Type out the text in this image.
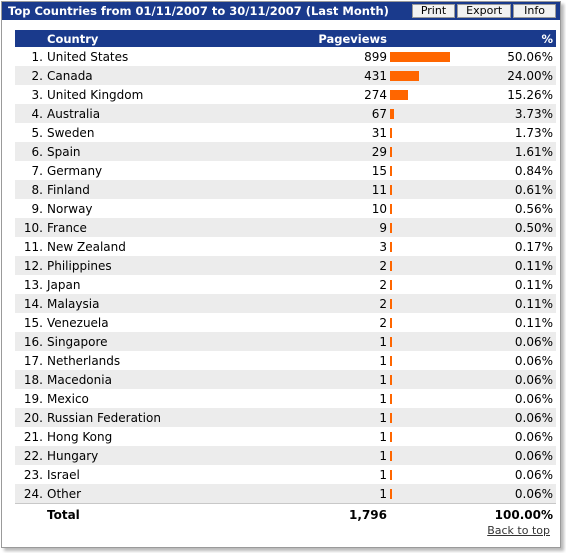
Top Countries from 01/11/2007 to 30/11/2007 (Last Month)	Print	Export	Info
	Country	Pageviews		%
1.	United States	899		50.06%
2.	Canada	431		24.00%
3.	United Kingdom	274		15.26%
4.	Australia	67		3.73%
5.	Sweden	31		1.73%
6.	Spain	29		1.61%
7.	Germany	15		0.84%
8.	Finland	11		0.61%
9.	Norway	10		0.56%
10.	France	9		0.50%
11.	New Zealand	3		0.17%
12.	Philippines	2		0.11%
13.	Japan	2		0.11%
14.	Malaysia	2		0.11%
15.	Venezuela	2		0.11%
16.	Singapore	1		0.06%
17.	Netherlands	1		0.06%
18.	Macedonia	1		0.06%
19.	Mexico	1		0.06%
20.	Russian Federation	1		0.06%
21.	Hong Kong	1		0.06%
22.	Hungary	1		0.06%
23.	Israel	1		0.06%
24.	Other	1		0.06%
	Total	1,796		100.00%
Back to top
